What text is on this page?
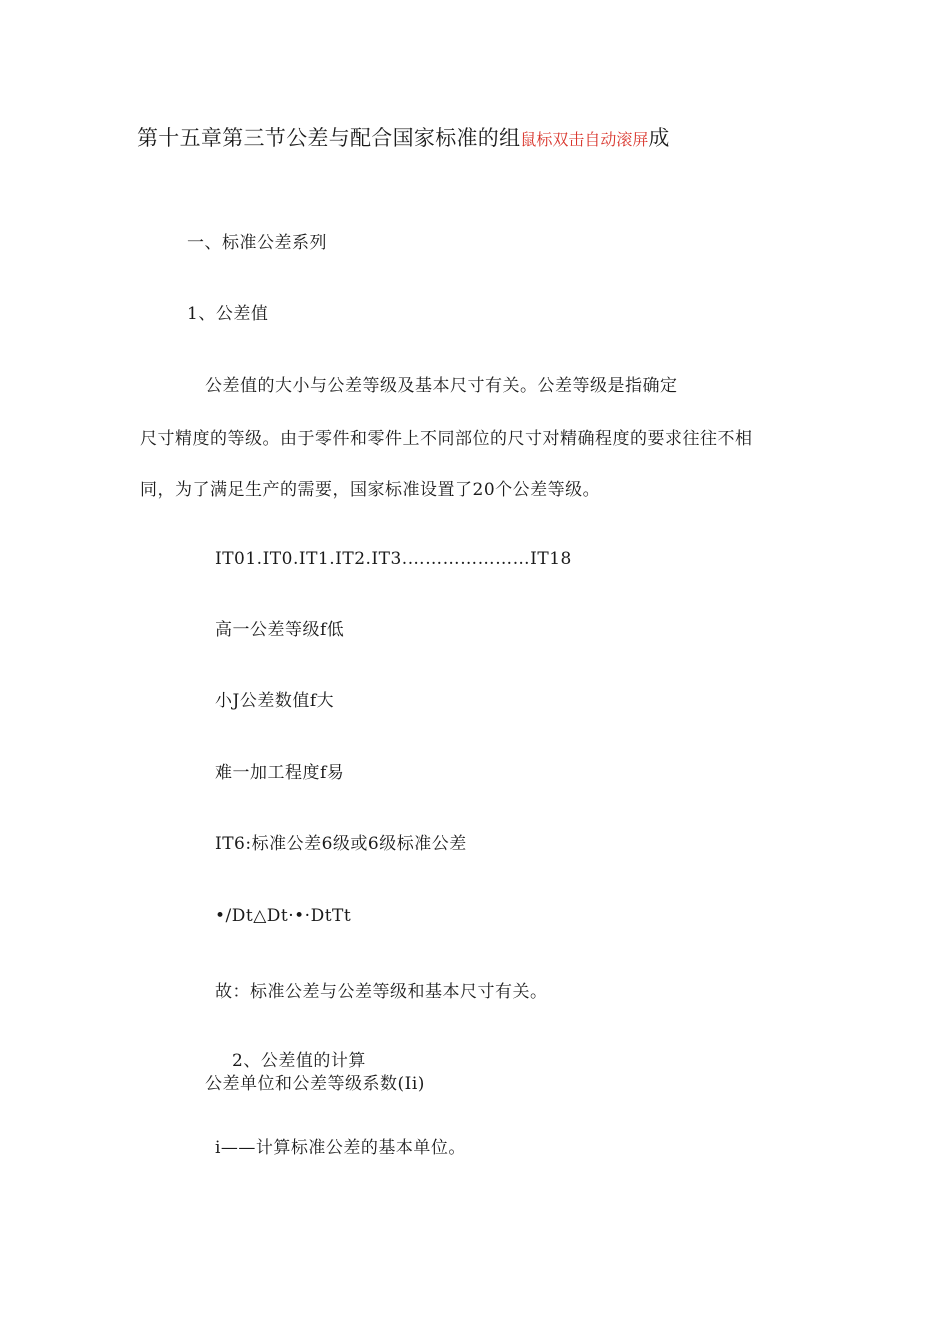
第十五章第三节公差与配合国家标准的组鼠标双击自动滚屏成
一、标准公差系列
1、公差值
公差值的大小与公差等级及基本尺寸有关。公差等级是指确定
尺寸精度的等级。由于零件和零件上不同部位的尺寸对精确程度的要求往往不相
同，为了满足生产的需要，国家标准设置了20个公差等级。
IT01.IT0.IT1.IT2.IT3.…………………IT18
高一公差等级f低
小J公差数值f大
难一加工程度f易
IT6:标准公差6级或6级标准公差
•/Dt△Dt·•·DtTt
故：标准公差与公差等级和基本尺寸有关。
2、公差值的计算
公差单位和公差等级系数(Ii)
i——计算标准公差的基本单位。
